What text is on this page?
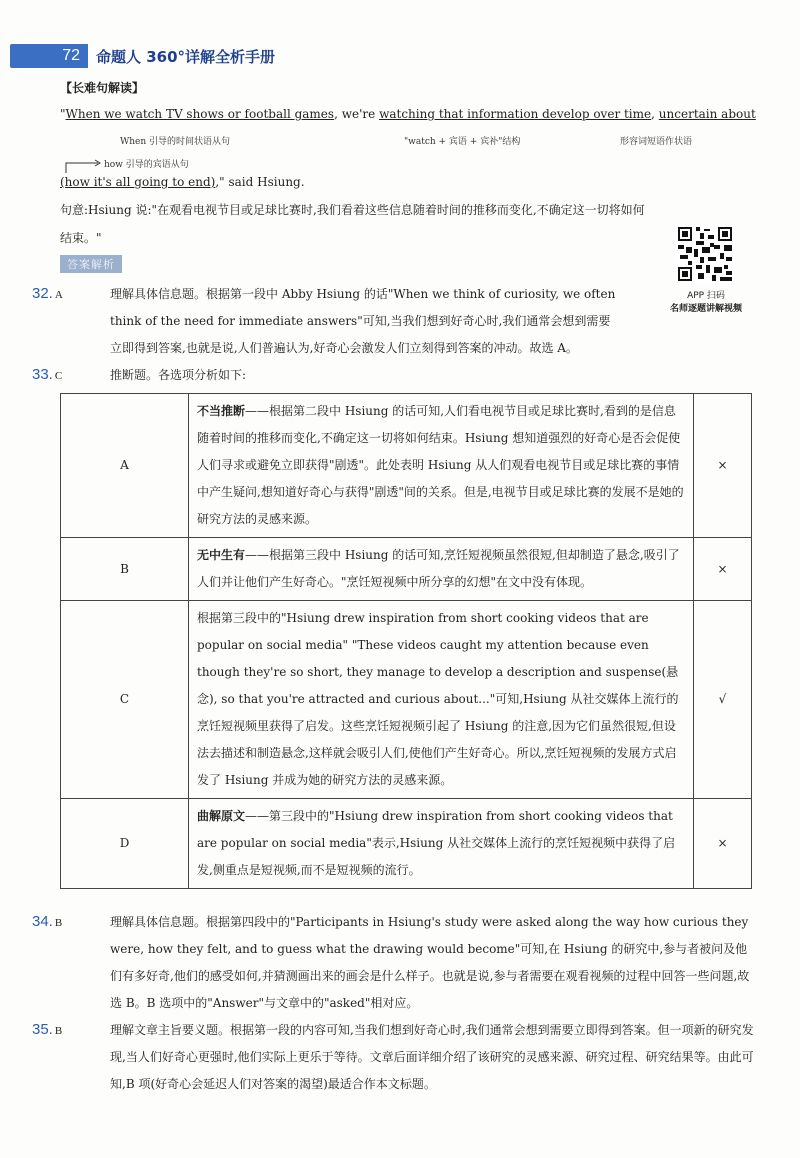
72	命题人 360°详解全析手册
【长难句解读】
"When we watch TV shows or football games, we're watching that information develop over time, uncertain about
When 引导的时间状语从句	"watch + 宾语 + 宾补"结构	形容词短语作状语
how 引导的宾语从句
(how it's all going to end)," said Hsiung.
句意:Hsiung 说:"在观看电视节目或足球比赛时,我们看着这些信息随着时间的推移而变化,不确定这一切将如何
结束。"
答案解析
APP 扫码
名师逐题讲解视频
32. A	理解具体信息题。根据第一段中 Abby Hsiung 的话"When we think of curiosity, we often
think of the need for immediate answers"可知,当我们想到好奇心时,我们通常会想到需要
立即得到答案,也就是说,人们普遍认为,好奇心会激发人们立刻得到答案的冲动。故选 A。
33. C	推断题。各选项分析如下:
A	不当推断——根据第二段中 Hsiung 的话可知,人们看电视节目或足球比赛时,看到的是信息随着时间的推移而变化,不确定这一切将如何结束。Hsiung 想知道强烈的好奇心是否会促使人们寻求或避免立即获得"剧透"。此处表明 Hsiung 从人们观看电视节目或足球比赛的事情中产生疑问,想知道好奇心与获得"剧透"间的关系。但是,电视节目或足球比赛的发展不是她的研究方法的灵感来源。	×
B	无中生有——根据第三段中 Hsiung 的话可知,烹饪短视频虽然很短,但却制造了悬念,吸引了人们并让他们产生好奇心。"烹饪短视频中所分享的幻想"在文中没有体现。	×
C	根据第三段中的"Hsiung drew inspiration from short cooking videos that are popular on social media" "These videos caught my attention because even though they're so short, they manage to develop a description and suspense(悬念), so that you're attracted and curious about..."可知,Hsiung 从社交媒体上流行的烹饪短视频里获得了启发。这些烹饪短视频引起了 Hsiung 的注意,因为它们虽然很短,但设法去描述和制造悬念,这样就会吸引人们,使他们产生好奇心。所以,烹饪短视频的发展方式启发了 Hsiung 并成为她的研究方法的灵感来源。	√
D	曲解原文——第三段中的"Hsiung drew inspiration from short cooking videos that are popular on social media"表示,Hsiung 从社交媒体上流行的烹饪短视频中获得了启发,侧重点是短视频,而不是短视频的流行。	×
34. B	理解具体信息题。根据第四段中的"Participants in Hsiung's study were asked along the way how curious they were, how they felt, and to guess what the drawing would become"可知,在 Hsiung 的研究中,参与者被问及他们有多好奇,他们的感受如何,并猜测画出来的画会是什么样子。也就是说,参与者需要在观看视频的过程中回答一些问题,故选 B。B 选项中的"Answer"与文章中的"asked"相对应。
35. B	理解文章主旨要义题。根据第一段的内容可知,当我们想到好奇心时,我们通常会想到需要立即得到答案。但一项新的研究发现,当人们好奇心更强时,他们实际上更乐于等待。文章后面详细介绍了该研究的灵感来源、研究过程、研究结果等。由此可知,B 项(好奇心会延迟人们对答案的渴望)最适合作本文标题。
